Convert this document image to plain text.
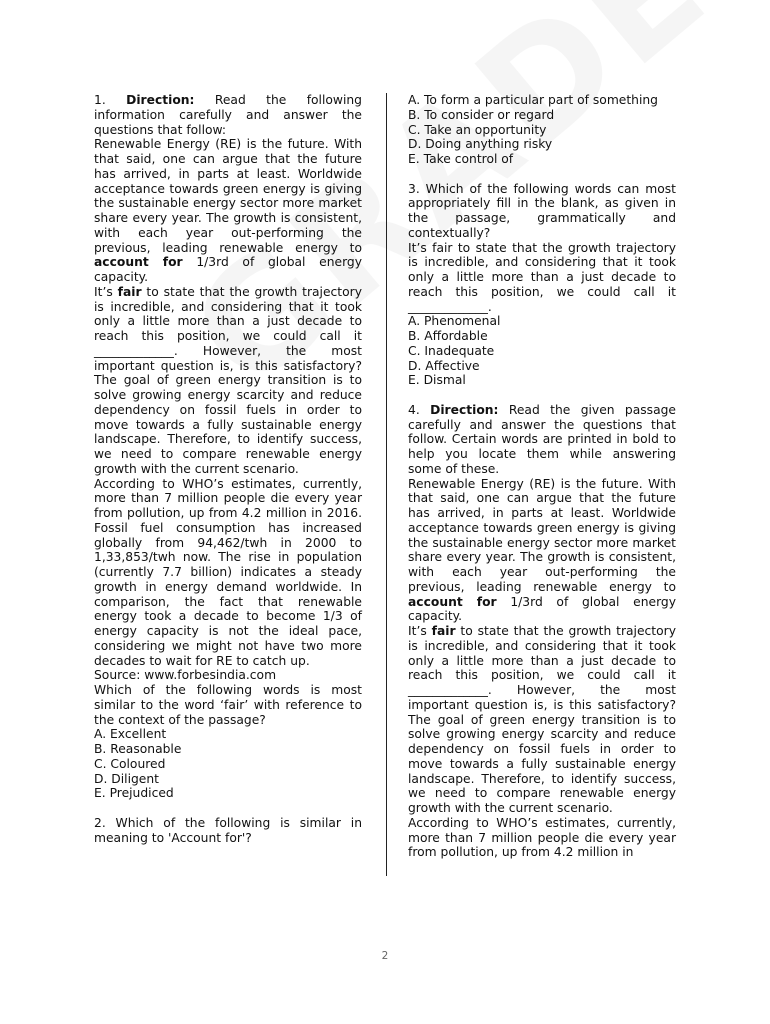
1. Direction: Read the following information carefully and answer the questions that follow:

Renewable Energy (RE) is the future. With that said, one can argue that the future has arrived, in parts at least. Worldwide acceptance towards green energy is giving the sustainable energy sector more market share every year. The growth is consistent, with each year out-performing the previous, leading renewable energy to account for 1/3rd of global energy capacity.

It’s fair to state that the growth trajectory is incredible, and considering that it took only a little more than a just decade to reach this position, we could call it _____________. However, the most important question is, is this satisfactory? The goal of green energy transition is to solve growing energy scarcity and reduce dependency on fossil fuels in order to move towards a fully sustainable energy landscape. Therefore, to identify success, we need to compare renewable energy growth with the current scenario.

According to WHO’s estimates, currently, more than 7 million people die every year from pollution, up from 4.2 million in 2016. Fossil fuel consumption has increased globally from 94,462/twh in 2000 to 1,33,853/twh now. The rise in population (currently 7.7 billion) indicates a steady growth in energy demand worldwide. In comparison, the fact that renewable energy took a decade to become 1/3 of energy capacity is not the ideal pace, considering we might not have two more decades to wait for RE to catch up.

Source: www.forbesindia.com

Which of the following words is most similar to the word ‘fair’ with reference to the context of the passage?

A. Excellent

B. Reasonable

C. Coloured

D. Diligent

E. Prejudiced

2. Which of the following is similar in meaning to 'Account for'?

A. To form a particular part of something

B. To consider or regard

C. Take an opportunity

D. Doing anything risky

E. Take control of

3. Which of the following words can most appropriately fill in the blank, as given in the passage, grammatically and contextually?

It’s fair to state that the growth trajectory is incredible, and considering that it took only a little more than a just decade to reach this position, we could call it _____________.

A. Phenomenal

B. Affordable

C. Inadequate

D. Affective

E. Dismal

4. Direction: Read the given passage carefully and answer the questions that follow. Certain words are printed in bold to help you locate them while answering some of these.

Renewable Energy (RE) is the future. With that said, one can argue that the future has arrived, in parts at least. Worldwide acceptance towards green energy is giving the sustainable energy sector more market share every year. The growth is consistent, with each year out-performing the previous, leading renewable energy to account for 1/3rd of global energy capacity.

It’s fair to state that the growth trajectory is incredible, and considering that it took only a little more than a just decade to reach this position, we could call it _____________. However, the most important question is, is this satisfactory? The goal of green energy transition is to solve growing energy scarcity and reduce dependency on fossil fuels in order to move towards a fully sustainable energy landscape. Therefore, to identify success, we need to compare renewable energy growth with the current scenario.

According to WHO’s estimates, currently, more than 7 million people die every year from pollution, up from 4.2 million in

2
